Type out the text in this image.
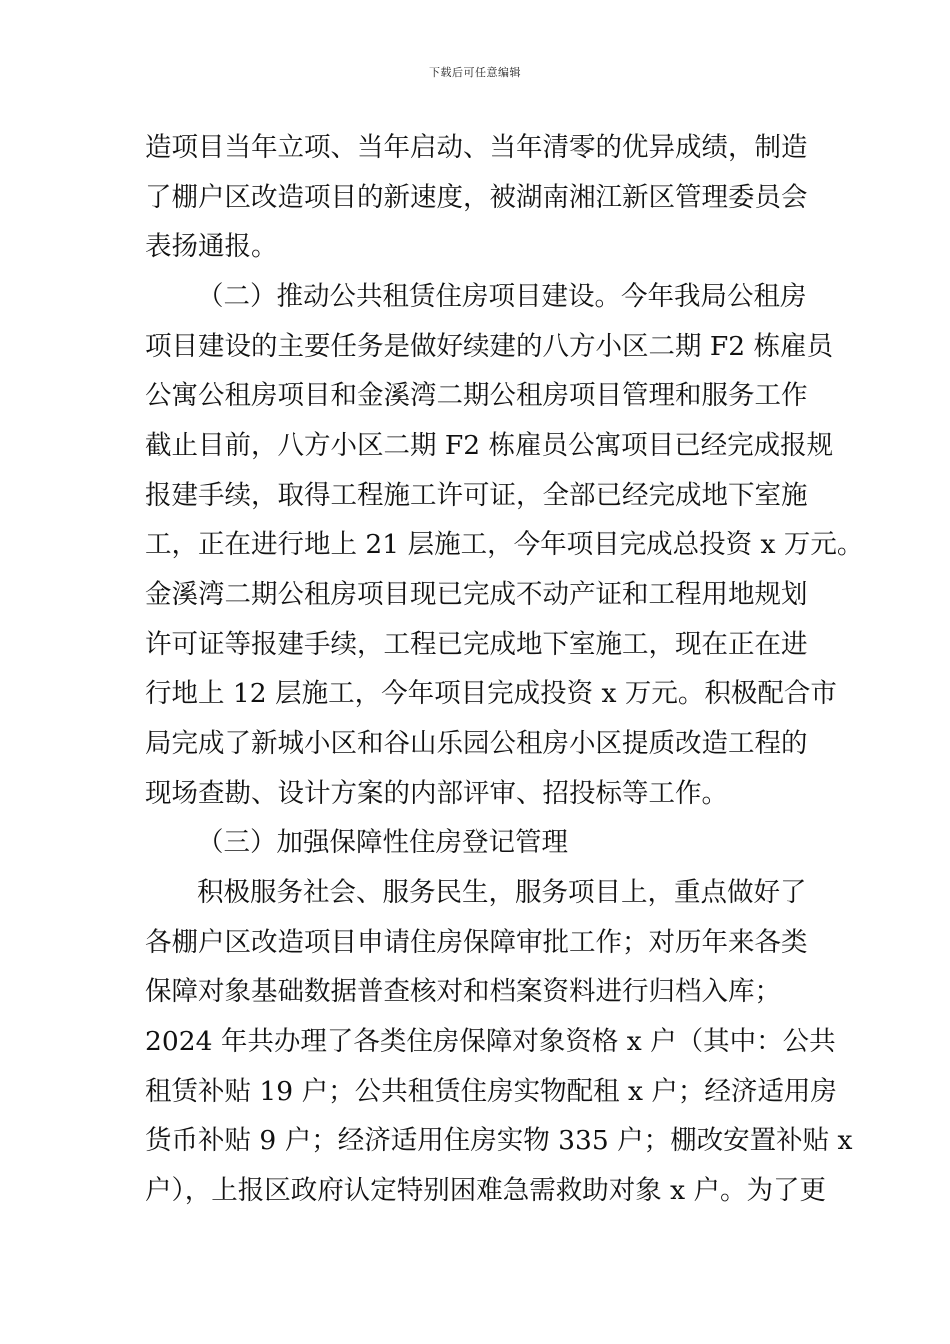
下载后可任意编辑
造项目当年立项、当年启动、当年清零的优异成绩，制造
了棚户区改造项目的新速度，被湖南湘江新区管理委员会
表扬通报。
（二）推动公共租赁住房项目建设。今年我局公租房
项目建设的主要任务是做好续建的八方小区二期 F2 栋雇员
公寓公租房项目和金溪湾二期公租房项目管理和服务工作
截止目前，八方小区二期 F2 栋雇员公寓项目已经完成报规
报建手续，取得工程施工许可证，全部已经完成地下室施
工，正在进行地上 21 层施工，今年项目完成总投资 x 万元。
金溪湾二期公租房项目现已完成不动产证和工程用地规划
许可证等报建手续，工程已完成地下室施工，现在正在进
行地上 12 层施工，今年项目完成投资 x 万元。积极配合市
局完成了新城小区和谷山乐园公租房小区提质改造工程的
现场查勘、设计方案的内部评审、招投标等工作。
（三）加强保障性住房登记管理
积极服务社会、服务民生，服务项目上，重点做好了
各棚户区改造项目申请住房保障审批工作；对历年来各类
保障对象基础数据普查核对和档案资料进行归档入库；
2024 年共办理了各类住房保障对象资格 x 户（其中：公共
租赁补贴 19 户；公共租赁住房实物配租 x 户；经济适用房
货币补贴 9 户；经济适用住房实物 335 户；棚改安置补贴 x
户），上报区政府认定特别困难急需救助对象 x 户。为了更
